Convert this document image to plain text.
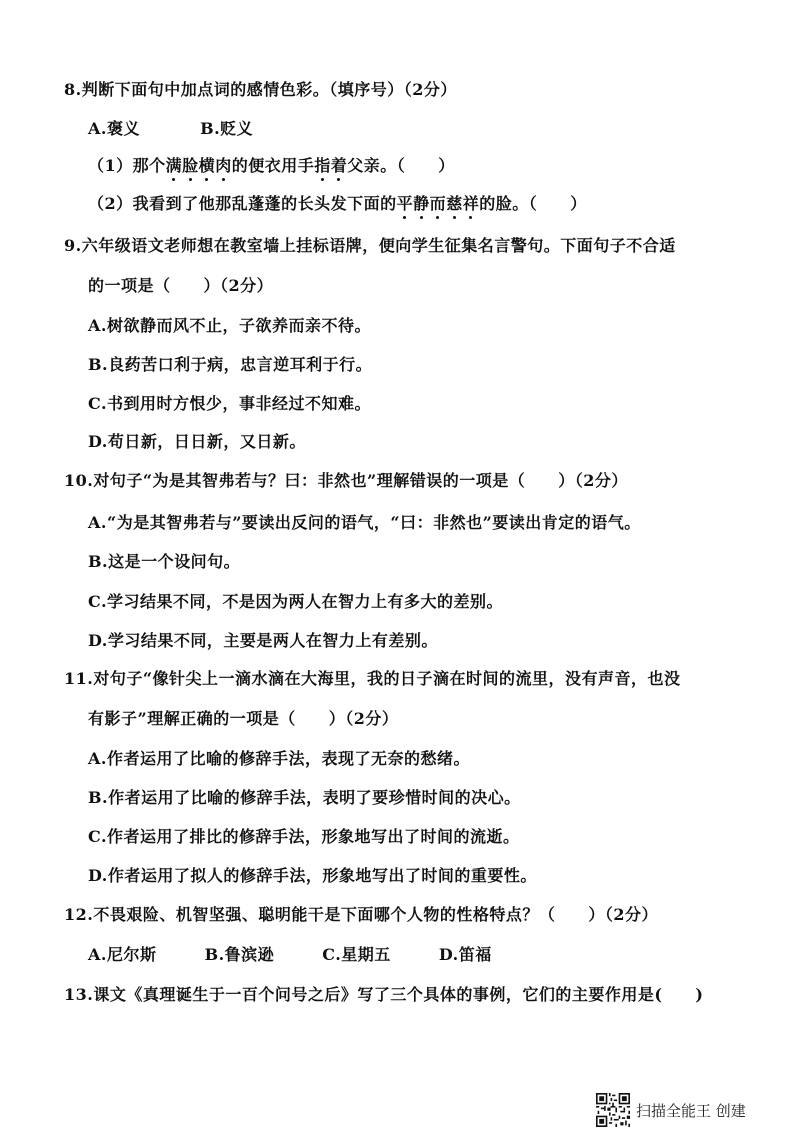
8.判断下面句中加点词的感情色彩。（填序号）（2分）
A.褒义	B.贬义
（1）那个满脸横肉的便衣用手指着父亲。（　　）
（2）我看到了他那乱蓬蓬的长头发下面的平静而慈祥的脸。（　　）
9.六年级语文老师想在教室墙上挂标语牌，便向学生征集名言警句。下面句子不合适
的一项是（　　）（2分）
A.树欲静而风不止，子欲养而亲不待。
B.良药苦口利于病，忠言逆耳利于行。
C.书到用时方恨少，事非经过不知难。
D.苟日新，日日新，又日新。
10.对句子“为是其智弗若与？曰：非然也”理解错误的一项是（　　）（2分）
A.“为是其智弗若与”要读出反问的语气，“曰：非然也”要读出肯定的语气。
B.这是一个设问句。
C.学习结果不同，不是因为两人在智力上有多大的差别。
D.学习结果不同，主要是两人在智力上有差别。
11.对句子“像针尖上一滴水滴在大海里，我的日子滴在时间的流里，没有声音，也没
有影子”理解正确的一项是（　　）（2分）
A.作者运用了比喻的修辞手法，表现了无奈的愁绪。
B.作者运用了比喻的修辞手法，表明了要珍惜时间的决心。
C.作者运用了排比的修辞手法，形象地写出了时间的流逝。
D.作者运用了拟人的修辞手法，形象地写出了时间的重要性。
12.不畏艰险、机智坚强、聪明能干是下面哪个人物的性格特点？（　　）（2分）
A.尼尔斯	B.鲁滨逊	C.星期五	D.笛福
13.课文《真理诞生于一百个问号之后》写了三个具体的事例，它们的主要作用是(　　)
扫描全能王 创建
